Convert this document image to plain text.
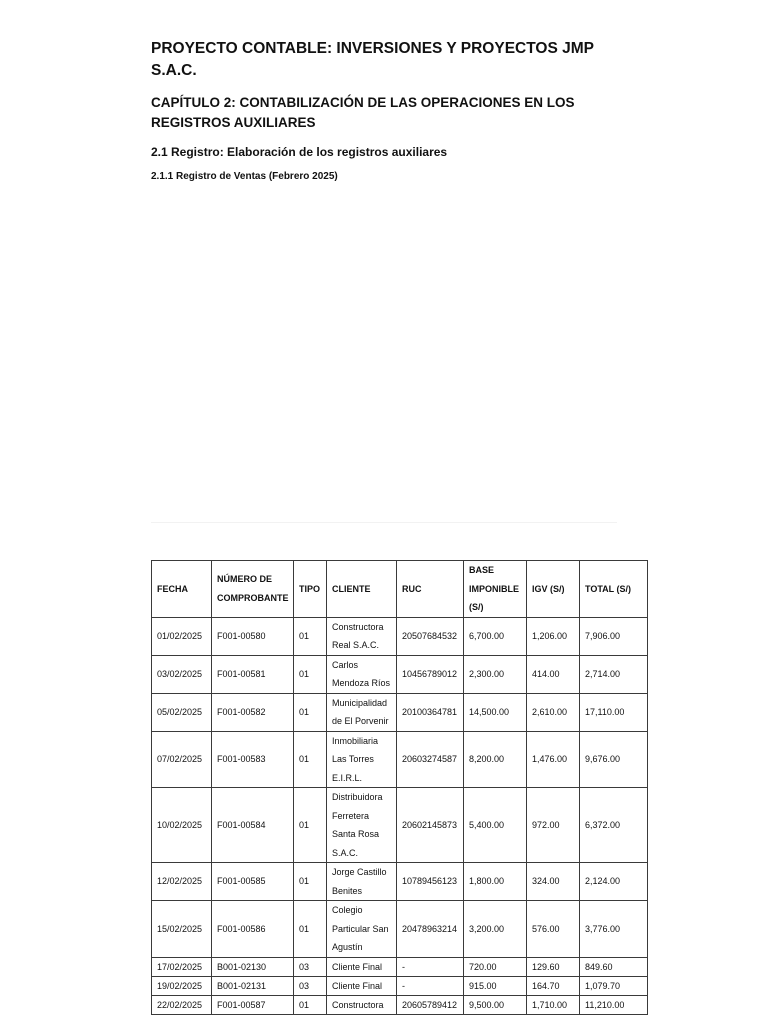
PROYECTO CONTABLE: INVERSIONES Y PROYECTOS JMP S.A.C.
CAPÍTULO 2: CONTABILIZACIÓN DE LAS OPERACIONES EN LOS REGISTROS AUXILIARES
2.1 Registro: Elaboración de los registros auxiliares
2.1.1 Registro de Ventas (Febrero 2025)
FECHA	NÚMERO DE COMPROBANTE	TIPO	CLIENTE	RUC	BASE IMPONIBLE (S/)	IGV (S/)	TOTAL (S/)
01/02/2025	F001-00580	01	Constructora Real S.A.C.	20507684532	6,700.00	1,206.00	7,906.00
03/02/2025	F001-00581	01	Carlos Mendoza Ríos	10456789012	2,300.00	414.00	2,714.00
05/02/2025	F001-00582	01	Municipalidad de El Porvenir	20100364781	14,500.00	2,610.00	17,110.00
07/02/2025	F001-00583	01	Inmobiliaria Las Torres E.I.R.L.	20603274587	8,200.00	1,476.00	9,676.00
10/02/2025	F001-00584	01	Distribuidora Ferretera Santa Rosa S.A.C.	20602145873	5,400.00	972.00	6,372.00
12/02/2025	F001-00585	01	Jorge Castillo Benites	10789456123	1,800.00	324.00	2,124.00
15/02/2025	F001-00586	01	Colegio Particular San Agustín	20478963214	3,200.00	576.00	3,776.00
17/02/2025	B001-02130	03	Cliente Final	-	720.00	129.60	849.60
19/02/2025	B001-02131	03	Cliente Final	-	915.00	164.70	1,079.70
22/02/2025	F001-00587	01	Constructora	20605789412	9,500.00	1,710.00	11,210.00
